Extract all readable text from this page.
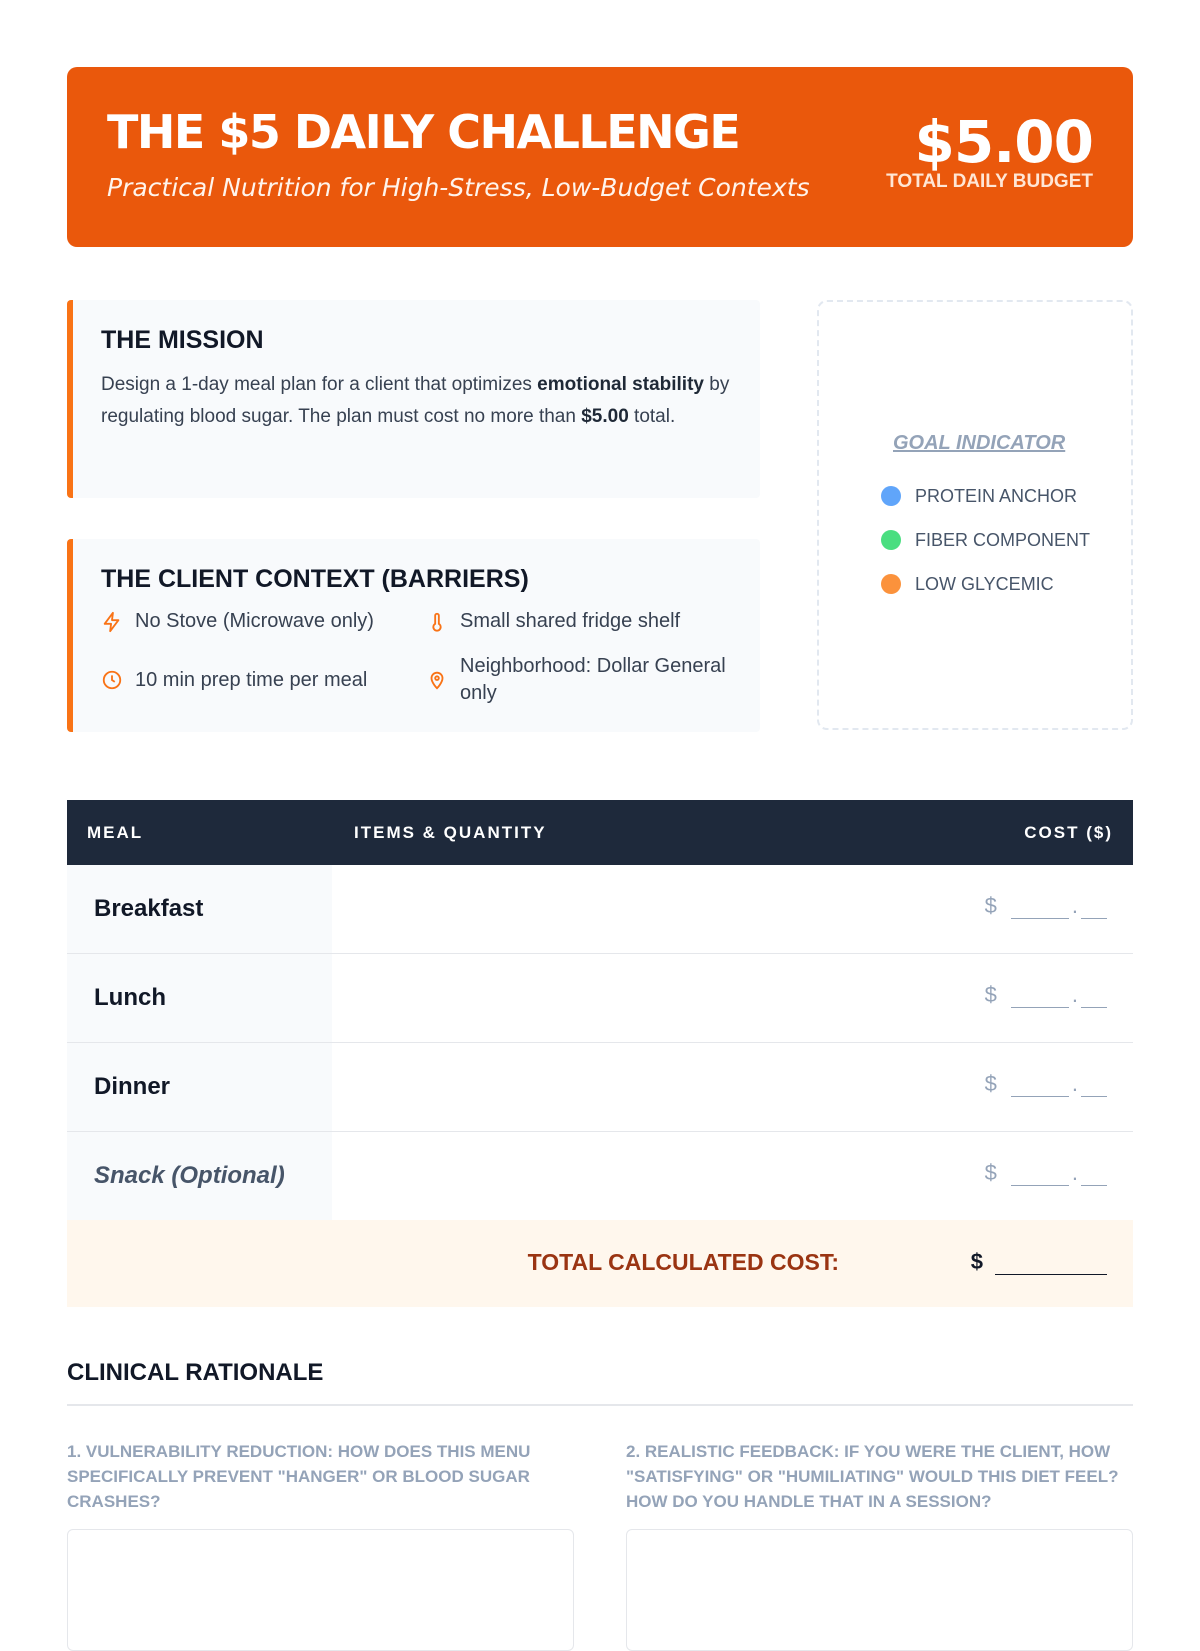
THE $5 DAILY CHALLENGE
Practical Nutrition for High-Stress, Low-Budget Contexts
$5.00
TOTAL DAILY BUDGET
THE MISSION
Design a 1-day meal plan for a client that optimizes emotional stability by regulating blood sugar. The plan must cost no more than $5.00 total.
THE CLIENT CONTEXT (BARRIERS)
No Stove (Microwave only)	Small shared fridge shelf
10 min prep time per meal
Neighborhood: Dollar General only
GOAL INDICATOR
PROTEIN ANCHOR
FIBER COMPONENT
LOW GLYCEMIC
MEAL	ITEMS & QUANTITY	COST ($)
Breakfast	$	.
Lunch	$	.
Dinner	$	.
Snack (Optional)	$	.
TOTAL CALCULATED COST:	$
CLINICAL RATIONALE
1. VULNERABILITY REDUCTION: HOW DOES THIS MENU SPECIFICALLY PREVENT "HANGER" OR BLOOD SUGAR CRASHES?
2. REALISTIC FEEDBACK: IF YOU WERE THE CLIENT, HOW "SATISFYING" OR "HUMILIATING" WOULD THIS DIET FEEL? HOW DO YOU HANDLE THAT IN A SESSION?
